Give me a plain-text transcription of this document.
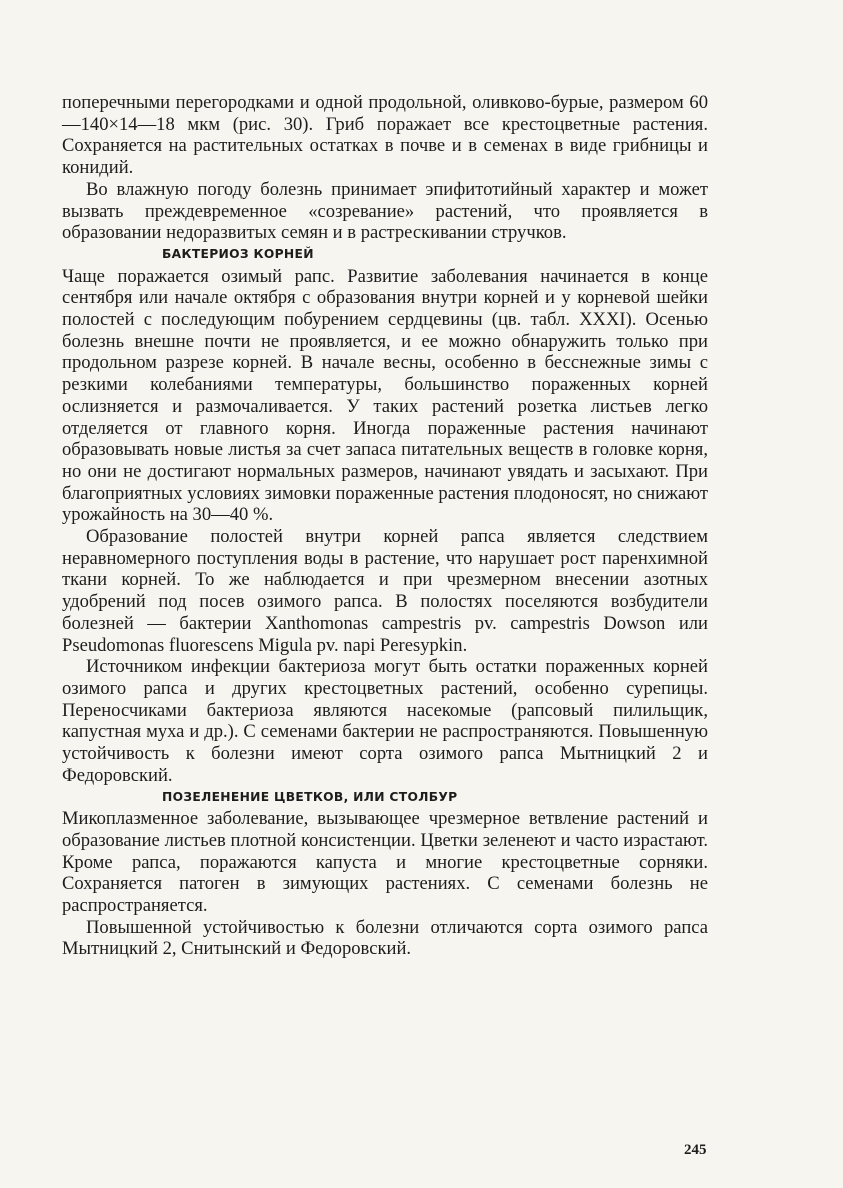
поперечными перегородками и одной продольной, оливково-бурые, размером 60—140×14—18 мкм (рис. 30). Гриб поражает все крестоцветные растения. Сохраняется на растительных остатках в почве и в семенах в виде грибницы и конидий.

Во влажную погоду болезнь принимает эпифитотийный характер и может вызвать преждевременное «созревание» растений, что проявляется в образовании недоразвитых семян и в растрескивании стручков.

БАКТЕРИОЗ КОРНЕЙ

Чаще поражается озимый рапс. Развитие заболевания начинается в конце сентября или начале октября с образования внутри корней и у корневой шейки полостей с последующим побурением сердцевины (цв. табл. XXXI). Осенью болезнь внешне почти не проявляется, и ее можно обнаружить только при продольном разрезе корней. В начале весны, особенно в бесснежные зимы с резкими колебаниями температуры, большинство пораженных корней ослизняется и размочаливается. У таких растений розетка листьев легко отделяется от главного корня. Иногда пораженные растения начинают образовывать новые листья за счет запаса питательных веществ в головке корня, но они не достигают нормальных размеров, начинают увядать и засыхают. При благоприятных условиях зимовки пораженные растения плодоносят, но снижают урожайность на 30—40 %.

Образование полостей внутри корней рапса является следствием неравномерного поступления воды в растение, что нарушает рост паренхимной ткани корней. То же наблюдается и при чрезмерном внесении азотных удобрений под посев озимого рапса. В полостях поселяются возбудители болезней — бактерии Xanthomonas campestris pv. campestris Dowson или Pseudomonas fluorescens Migula pv. napi Peresypkin.

Источником инфекции бактериоза могут быть остатки пораженных корней озимого рапса и других крестоцветных растений, особенно сурепицы. Переносчиками бактериоза являются насекомые (рапсовый пилильщик, капустная муха и др.). С семенами бактерии не распространяются. Повышенную устойчивость к болезни имеют сорта озимого рапса Мытницкий 2 и Федоровский.

ПОЗЕЛЕНЕНИЕ ЦВЕТКОВ, ИЛИ СТОЛБУР

Микоплазменное заболевание, вызывающее чрезмерное ветвление растений и образование листьев плотной консистенции. Цветки зеленеют и часто израстают. Кроме рапса, поражаются капуста и многие крестоцветные сорняки. Сохраняется патоген в зимующих растениях. С семенами болезнь не распространяется.

Повышенной устойчивостью к болезни отличаются сорта озимого рапса Мытницкий 2, Снитынский и Федоровский.

245
